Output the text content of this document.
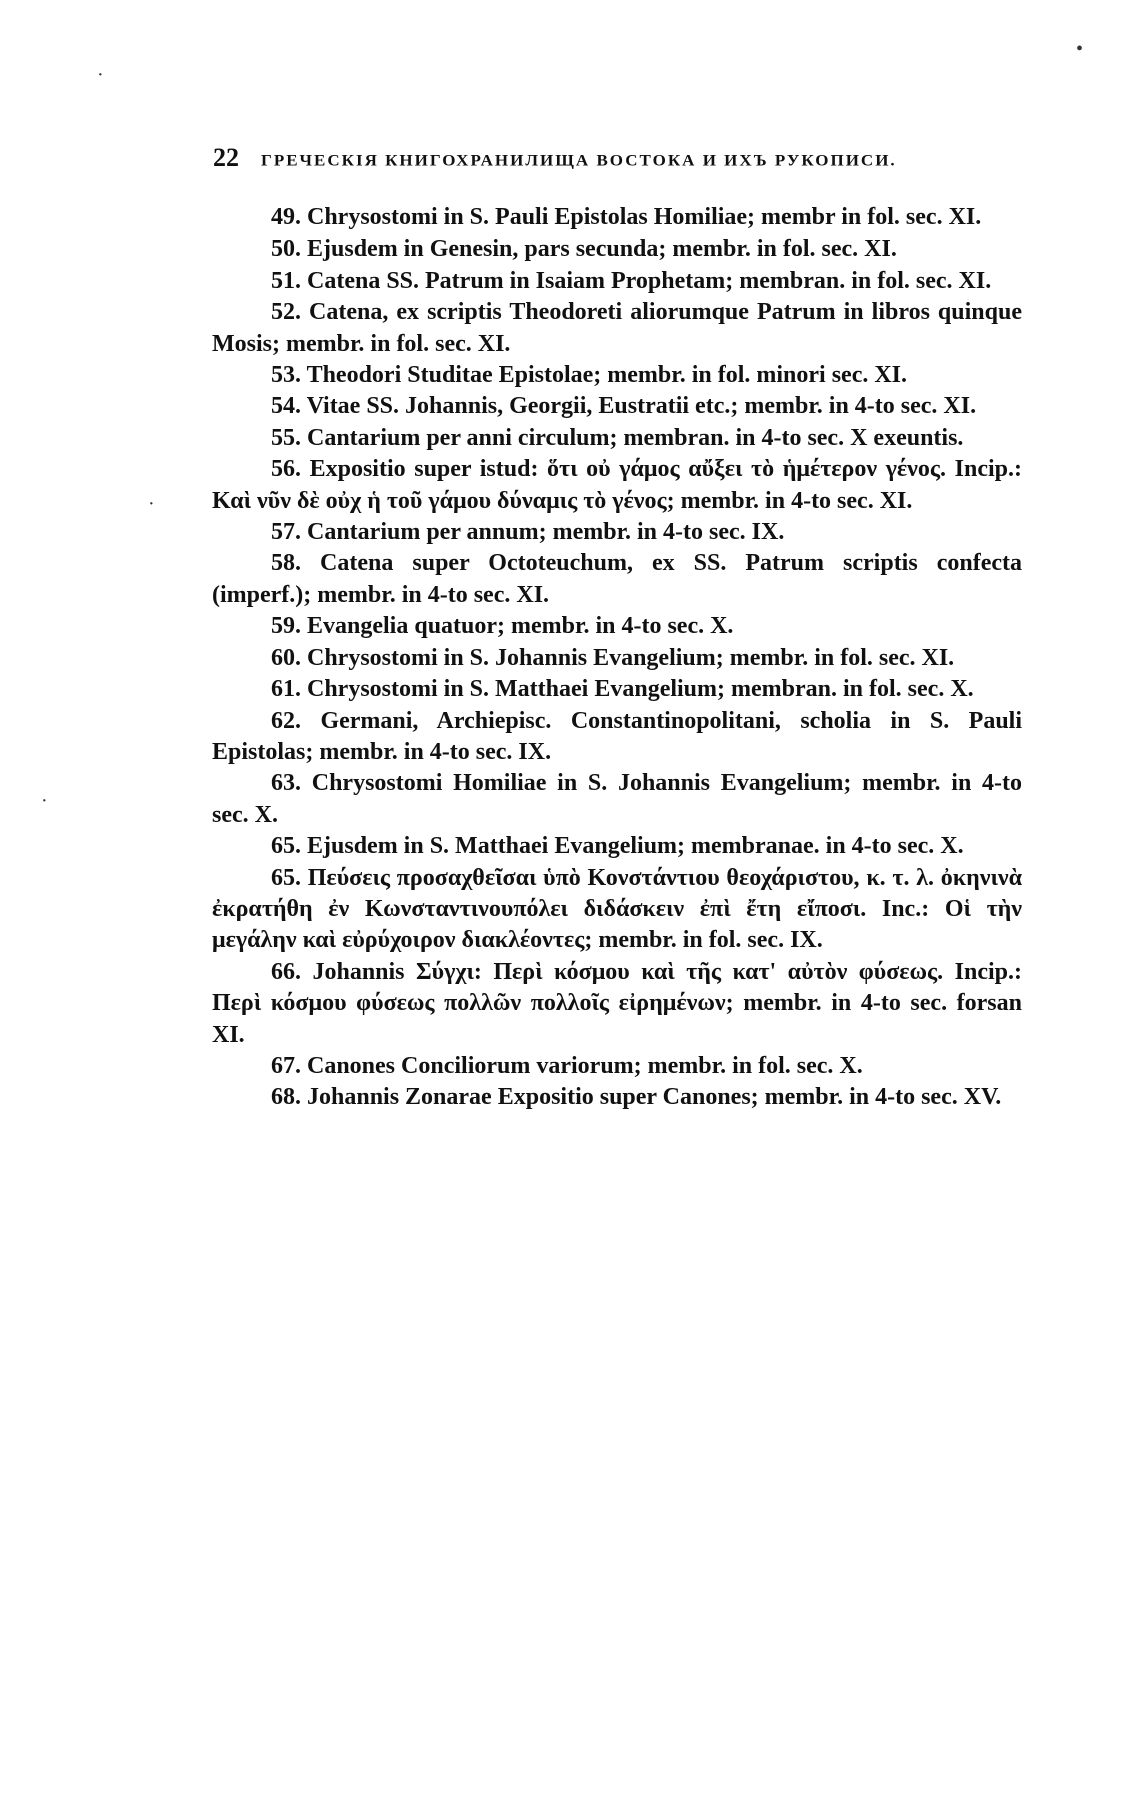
22 ГРЕЧЕСКІЯ КНИГОХРАНИЛИЩА ВОСТОКА И ИХЪ РУКОПИСИ.

49. Chrysostomi in S. Pauli Epistolas Homiliae; membr in fol. sec. XI.

50. Ejusdem in Genesin, pars secunda; membr. in fol. sec. XI.

51. Catena SS. Patrum in Isaiam Prophetam; membran. in fol. sec. XI.

52. Catena, ex scriptis Theodoreti aliorumque Patrum in libros quinque Mosis; membr. in fol. sec. XI.

53. Theodori Studitae Epistolae; membr. in fol. minori sec. XI.

54. Vitae SS. Johannis, Georgii, Eustratii etc.; membr. in 4-to sec. XI.

55. Cantarium per anni circulum; membran. in 4-to sec. X exeuntis.

56. Expositio super istud: ὅτι οὐ γάμος αὔξει τὸ ἡμέτερον γένος. Incip.: Καὶ νῦν δὲ οὐχ ἡ τοῦ γάμου δύναμις τὸ γένος; membr. in 4-to sec. XI.

57. Cantarium per annum; membr. in 4-to sec. IX.

58. Catena super Octoteuchum, ex SS. Patrum scriptis confecta (imperf.); membr. in 4-to sec. XI.

59. Evangelia quatuor; membr. in 4-to sec. X.

60. Chrysostomi in S. Johannis Evangelium; membr. in fol. sec. XI.

61. Chrysostomi in S. Matthaei Evangelium; membran. in fol. sec. X.

62. Germani, Archiepisc. Constantinopolitani, scholia in S. Pauli Epistolas; membr. in 4-to sec. IX.

63. Chrysostomi Homiliae in S. Johannis Evangelium; membr. in 4-to sec. X.

65. Ejusdem in S. Matthaei Evangelium; membranae. in 4-to sec. X.

65. Πεύσεις προσαχθεῖσαι ὑπὸ Κονστάντιου θεοχάριστου, κ. τ. λ. ὀκηνινὰ ἐκρατήθη ἐν Κωνσταντινουπόλει διδάσκειν ἐπὶ ἔτη εἴποσι. Inc.: Οἱ τὴν μεγάλην καὶ εὐρύχοιρον διακλέοντες; membr. in fol. sec. IX.

66. Johannis Σύγχι: Περὶ κόσμου καὶ τῆς κατ' αὐτὸν φύσεως. Incip.: Περὶ κόσμου φύσεως πολλῶν πολλοῖς εἰρημένων; membr. in 4-to sec. forsan XI.

67. Canones Conciliorum variorum; membr. in fol. sec. X.

68. Johannis Zonarae Expositio super Canones; membr. in 4-to sec. XV.

·
•
·
·
